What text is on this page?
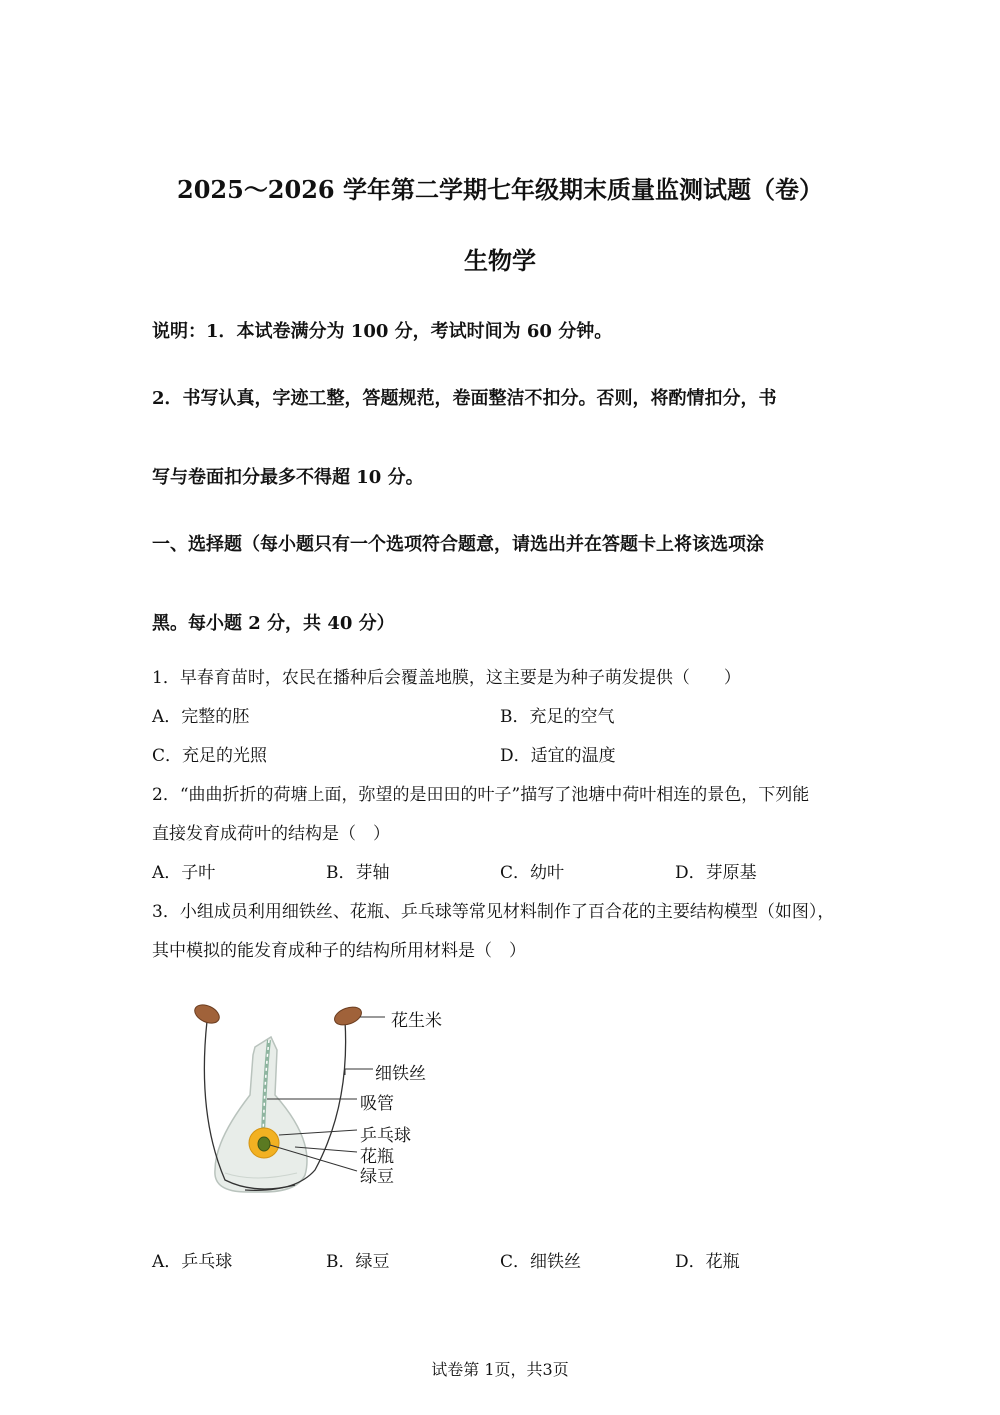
2025～2026 学年第二学期七年级期末质量监测试题（卷）
生物学
说明：1．本试卷满分为 100 分，考试时间为 60 分钟。
2．书写认真，字迹工整，答题规范，卷面整洁不扣分。否则，将酌情扣分，书
写与卷面扣分最多不得超 10 分。
一、选择题（每小题只有一个选项符合题意，请选出并在答题卡上将该选项涂
黑。每小题 2 分，共 40 分）
1．早春育苗时，农民在播种后会覆盖地膜，这主要是为种子萌发提供（　　）
A．完整的胚	B．充足的空气
C．充足的光照	D．适宜的温度
2．“曲曲折折的荷塘上面，弥望的是田田的叶子”描写了池塘中荷叶相连的景色，下列能
直接发育成荷叶的结构是（　）
A．子叶	B．芽轴	C．幼叶	D．芽原基
3．小组成员利用细铁丝、花瓶、乒乓球等常见材料制作了百合花的主要结构模型（如图），
其中模拟的能发育成种子的结构所用材料是（　）
花生米
细铁丝
吸管
乒乓球
花瓶
绿豆
A．乒乓球	B．绿豆	C．细铁丝	D．花瓶
试卷第 1页，共3页
